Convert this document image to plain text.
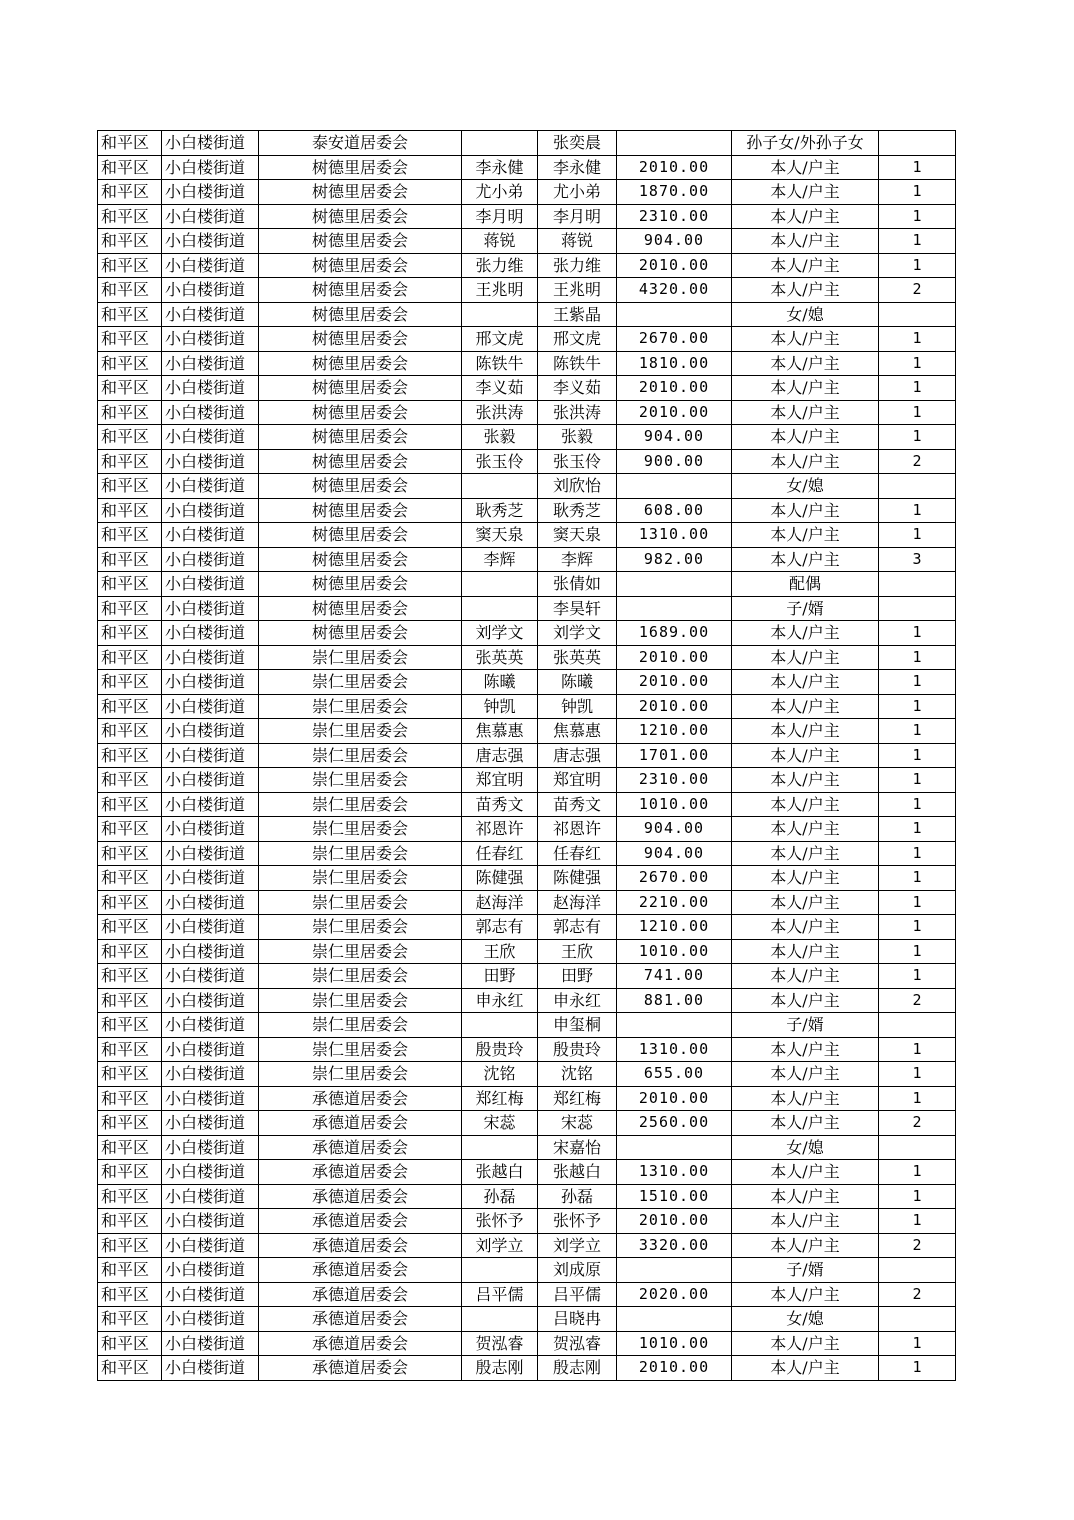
和平区	小白楼街道	泰安道居委会		张奕晨		孙子女/外孙子女	
和平区	小白楼街道	树德里居委会	李永健	李永健	2010.00	本人/户主	1
和平区	小白楼街道	树德里居委会	尤小弟	尤小弟	1870.00	本人/户主	1
和平区	小白楼街道	树德里居委会	李月明	李月明	2310.00	本人/户主	1
和平区	小白楼街道	树德里居委会	蒋锐	蒋锐	904.00	本人/户主	1
和平区	小白楼街道	树德里居委会	张力维	张力维	2010.00	本人/户主	1
和平区	小白楼街道	树德里居委会	王兆明	王兆明	4320.00	本人/户主	2
和平区	小白楼街道	树德里居委会		王紫晶		女/媳	
和平区	小白楼街道	树德里居委会	邢文虎	邢文虎	2670.00	本人/户主	1
和平区	小白楼街道	树德里居委会	陈铁牛	陈铁牛	1810.00	本人/户主	1
和平区	小白楼街道	树德里居委会	李义茹	李义茹	2010.00	本人/户主	1
和平区	小白楼街道	树德里居委会	张洪涛	张洪涛	2010.00	本人/户主	1
和平区	小白楼街道	树德里居委会	张毅	张毅	904.00	本人/户主	1
和平区	小白楼街道	树德里居委会	张玉伶	张玉伶	900.00	本人/户主	2
和平区	小白楼街道	树德里居委会		刘欣怡		女/媳	
和平区	小白楼街道	树德里居委会	耿秀芝	耿秀芝	608.00	本人/户主	1
和平区	小白楼街道	树德里居委会	窦天泉	窦天泉	1310.00	本人/户主	1
和平区	小白楼街道	树德里居委会	李辉	李辉	982.00	本人/户主	3
和平区	小白楼街道	树德里居委会		张倩如		配偶	
和平区	小白楼街道	树德里居委会		李昊轩		子/婿	
和平区	小白楼街道	树德里居委会	刘学文	刘学文	1689.00	本人/户主	1
和平区	小白楼街道	崇仁里居委会	张英英	张英英	2010.00	本人/户主	1
和平区	小白楼街道	崇仁里居委会	陈曦	陈曦	2010.00	本人/户主	1
和平区	小白楼街道	崇仁里居委会	钟凯	钟凯	2010.00	本人/户主	1
和平区	小白楼街道	崇仁里居委会	焦慕惠	焦慕惠	1210.00	本人/户主	1
和平区	小白楼街道	崇仁里居委会	唐志强	唐志强	1701.00	本人/户主	1
和平区	小白楼街道	崇仁里居委会	郑宜明	郑宜明	2310.00	本人/户主	1
和平区	小白楼街道	崇仁里居委会	苗秀文	苗秀文	1010.00	本人/户主	1
和平区	小白楼街道	崇仁里居委会	祁恩许	祁恩许	904.00	本人/户主	1
和平区	小白楼街道	崇仁里居委会	任春红	任春红	904.00	本人/户主	1
和平区	小白楼街道	崇仁里居委会	陈健强	陈健强	2670.00	本人/户主	1
和平区	小白楼街道	崇仁里居委会	赵海洋	赵海洋	2210.00	本人/户主	1
和平区	小白楼街道	崇仁里居委会	郭志有	郭志有	1210.00	本人/户主	1
和平区	小白楼街道	崇仁里居委会	王欣	王欣	1010.00	本人/户主	1
和平区	小白楼街道	崇仁里居委会	田野	田野	741.00	本人/户主	1
和平区	小白楼街道	崇仁里居委会	申永红	申永红	881.00	本人/户主	2
和平区	小白楼街道	崇仁里居委会		申玺桐		子/婿	
和平区	小白楼街道	崇仁里居委会	殷贵玲	殷贵玲	1310.00	本人/户主	1
和平区	小白楼街道	崇仁里居委会	沈铭	沈铭	655.00	本人/户主	1
和平区	小白楼街道	承德道居委会	郑红梅	郑红梅	2010.00	本人/户主	1
和平区	小白楼街道	承德道居委会	宋蕊	宋蕊	2560.00	本人/户主	2
和平区	小白楼街道	承德道居委会		宋嘉怡		女/媳	
和平区	小白楼街道	承德道居委会	张越白	张越白	1310.00	本人/户主	1
和平区	小白楼街道	承德道居委会	孙磊	孙磊	1510.00	本人/户主	1
和平区	小白楼街道	承德道居委会	张怀予	张怀予	2010.00	本人/户主	1
和平区	小白楼街道	承德道居委会	刘学立	刘学立	3320.00	本人/户主	2
和平区	小白楼街道	承德道居委会		刘成原		子/婿	
和平区	小白楼街道	承德道居委会	吕平儒	吕平儒	2020.00	本人/户主	2
和平区	小白楼街道	承德道居委会		吕晓冉		女/媳	
和平区	小白楼街道	承德道居委会	贺泓睿	贺泓睿	1010.00	本人/户主	1
和平区	小白楼街道	承德道居委会	殷志刚	殷志刚	2010.00	本人/户主	1
